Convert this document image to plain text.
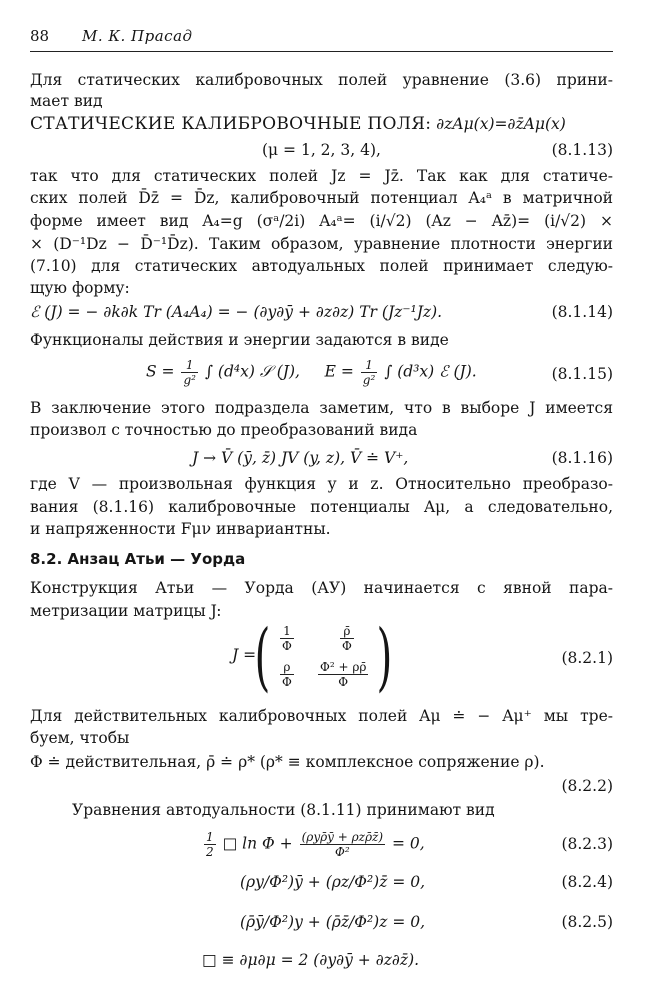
88 М. К. Прасад
Для статических калибровочных полей уравнение (3.6) прини-
мает вид
СТАТИЧЕСКИЕ КАЛИБРОВОЧНЫЕ ПОЛЯ: ∂zAμ(x)=∂z̄Aμ(x)
(μ = 1, 2, 3, 4),	(8.1.13)
так что для статических полей Jz = Jz̄. Так как для статиче-
ских полей D̄z̄ = D̄z, калибровочный потенциал A₄ᵃ в матричной
форме имеет вид A₄=g (σᵃ/2i) A₄ᵃ= (i/√2) (Az − Az̄)= (i/√2) ×
× (D⁻¹Dz − D̄⁻¹D̄z). Таким образом, уравнение плотности энергии
(7.10) для статических автодуальных полей принимает следую-
щую форму:
ℰ (J) = − ∂k∂k Tr (A₄A₄) = − (∂y∂ȳ + ∂z∂z) Tr (Jz⁻¹Jz).	(8.1.14)
Функционалы действия и энергии задаются в виде
$S = \frac{1}{\text{g²}}$ ∫ (d⁴x) 𝒮 (J), $E = \frac{1}{\text{g²}}$ ∫ (d³x) ℰ (J).	(8.1.15)
В заключение этого подраздела заметим, что в выборе J имеется
произвол с точностью до преобразований вида
J → V̄ (ȳ, z̄) JV (y, z), V̄ ≐ V⁺,	(8.1.16)
где V — произвольная функция y и z. Относительно преобразо-
вания (8.1.16) калибровочные потенциалы Aμ, а следовательно,
и напряженности Fμν инвариантны.
8.2. Анзац Атьи — Уорда
Конструкция Атьи — Уорда (АУ) начинается с явной пара-
метризации матрицы J:
J =
( )
$\frac{1}{\Phi}$	$\frac{\rhō}{\Phi}$
$\frac{\rho}{\Phi} \frac{\text{Φ² + ρρ̄}}{\Phi}$
(8.2.1)
Для действительных калибровочных полей Aμ ≐ − Aμ⁺ мы тре-
буем, чтобы
Φ ≐ действительная, ρ̄ ≐ ρ* (ρ* ≡ комплексное сопряжение ρ).
(8.2.2)
Уравнения автодуальности (8.1.11) принимают вид
$\frac{1}{2}$ □ $\ln \Phi + \frac{\text{(ρyρ̄ȳ + ρzρ̄z̄)}}{\text{Φ²}} = 0$,	(8.2.3)
(ρy/Φ²)ȳ + (ρz/Φ²)z̄ = 0,	(8.2.4)
(ρ̄ȳ/Φ²)y + (ρ̄z̄/Φ²)z = 0,	(8.2.5)
□ ≡ ∂μ∂μ = 2 (∂y∂ȳ + ∂z∂z̄).
